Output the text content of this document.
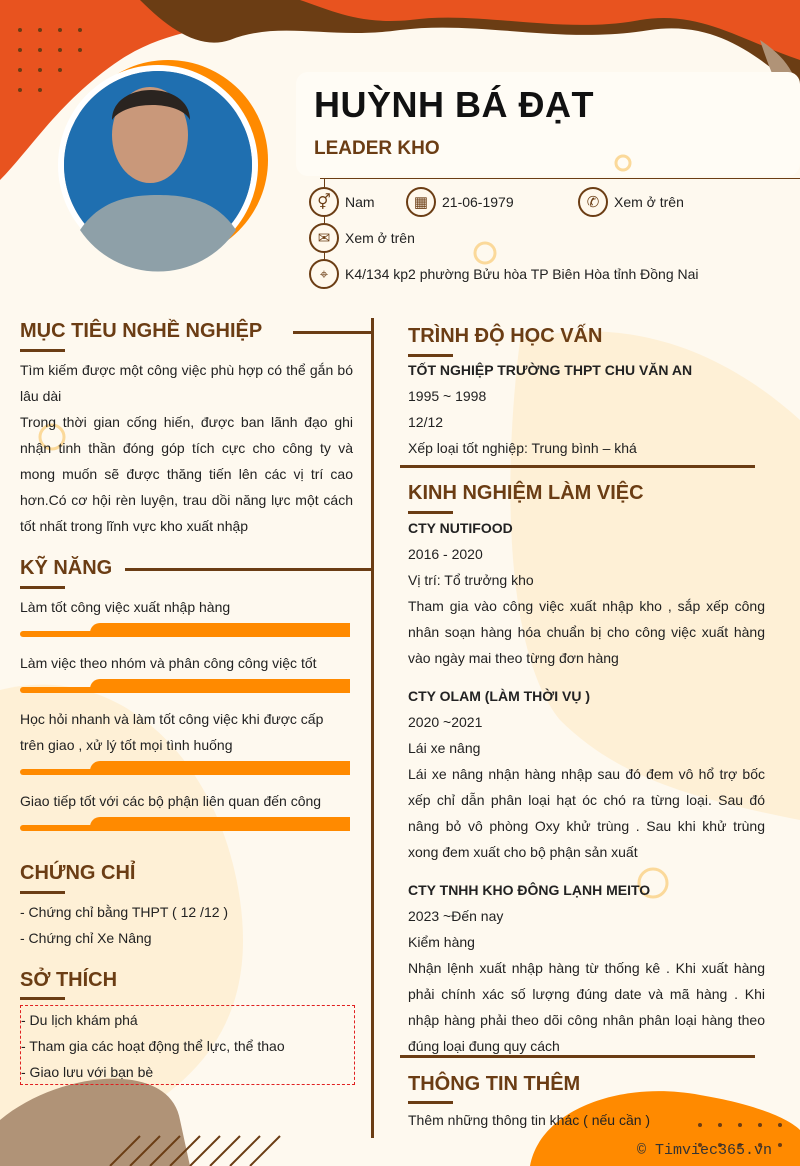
HUỲNH BÁ ĐẠT
LEADER KHO
⚥	Nam	▦ 21-06-1979	✆	Xem ở trên
✉	Xem ở trên
⌖	K4/134 kp2 phường Bửu hòa TP Biên Hòa tỉnh Đồng Nai
MỤC TIÊU NGHỀ NGHIỆP
Tìm kiếm được một công việc phù hợp có thể gắn bó lâu dài
Trong thời gian cống hiến, được ban lãnh đạo ghi nhận tinh thần đóng góp tích cực cho công ty và mong muốn sẽ được thăng tiến lên các vị trí cao hơn.Có cơ hội rèn luyện, trau dồi năng lực một cách tốt nhất trong lĩnh vực kho xuất nhập
KỸ NĂNG
Làm tốt công việc xuất nhập hàng
Làm việc theo nhóm và phân công công việc tốt
Học hỏi nhanh và làm tốt công việc khi được cấp trên giao , xử lý tốt mọi tình huống
Giao tiếp tốt với các bộ phận liên quan đến công
CHỨNG CHỈ
- Chứng chỉ bằng THPT ( 12 /12 )
- Chứng chỉ Xe Nâng
SỞ THÍCH
- Du lịch khám phá
- Tham gia các hoạt động thể lực, thể thao
- Giao lưu với bạn bè
TRÌNH ĐỘ HỌC VẤN
TỐT NGHIỆP TRƯỜNG THPT CHU VĂN AN
1995 ~ 1998
12/12
Xếp loại tốt nghiệp: Trung bình – khá
KINH NGHIỆM LÀM VIỆC
CTY NUTIFOOD
2016 - 2020
Vị trí: Tổ trưởng kho
Tham gia vào công việc xuất nhập kho , sắp xếp công nhân soạn hàng hóa chuẩn bị cho công việc xuất hàng vào ngày mai theo từng đơn hàng
CTY OLAM (LÀM THỜI VỤ )
2020 ~2021
Lái xe nâng
Lái xe nâng nhận hàng nhập sau đó đem vô hổ trợ bốc xếp chỉ dẫn phân loại hạt óc chó ra từng loại. Sau đó nâng bỏ vô phòng Oxy khử trùng . Sau khi khử trùng xong đem xuất cho bộ phận sản xuất
CTY TNHH KHO ĐÔNG LẠNH MEITO
2023 ~Đến nay
Kiểm hàng
Nhận lệnh xuất nhập hàng từ thống kê . Khi xuất hàng phải chính xác số lượng đúng date và mã hàng . Khi nhập hàng phải theo dõi công nhân phân loại hàng theo đúng loại đung quy cách
THÔNG TIN THÊM
Thêm những thông tin khác ( nếu cần )
© Timviec365.vn
